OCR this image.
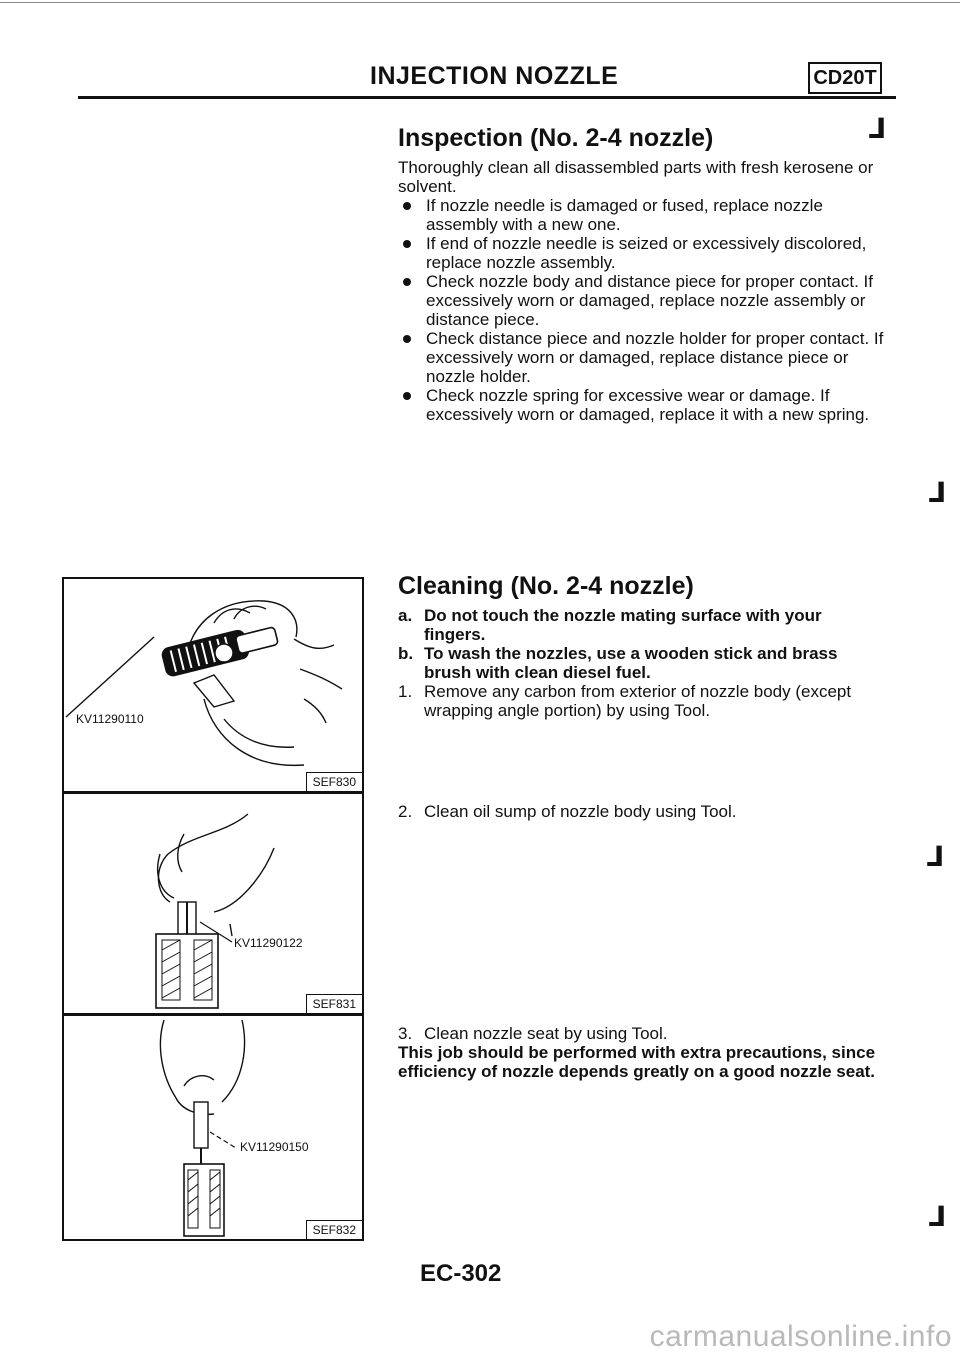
INJECTION NOZZLE	CD20T
Inspection (No. 2-4 nozzle)	⅃
Thoroughly clean all disassembled parts with fresh kerosene or solvent.
If nozzle needle is damaged or fused, replace nozzle assembly with a new one.
If end of nozzle needle is seized or excessively discolored, replace nozzle assembly.
Check nozzle body and distance piece for proper contact. If excessively worn or damaged, replace nozzle assembly or distance piece.
Check distance piece and nozzle holder for proper contact. If excessively worn or damaged, replace distance piece or nozzle holder.
Check nozzle spring for excessive wear or damage. If excessively worn or damaged, replace it with a new spring.
⅃
Cleaning (No. 2-4 nozzle)
a. Do not touch the nozzle mating surface with your fingers.
b. To wash the nozzles, use a wooden stick and brass brush with clean diesel fuel.
1. Remove any carbon from exterior of nozzle body (except wrapping angle portion) by using Tool.
2. Clean oil sump of nozzle body using Tool.
⅃
3. Clean nozzle seat by using Tool.
This job should be performed with extra precautions, since efficiency of nozzle depends greatly on a good nozzle seat.
⅃
KV11290110
SEF830
KV11290122
SEF831
KV11290150
SEF832
EC-302
carmanualsonline.info
